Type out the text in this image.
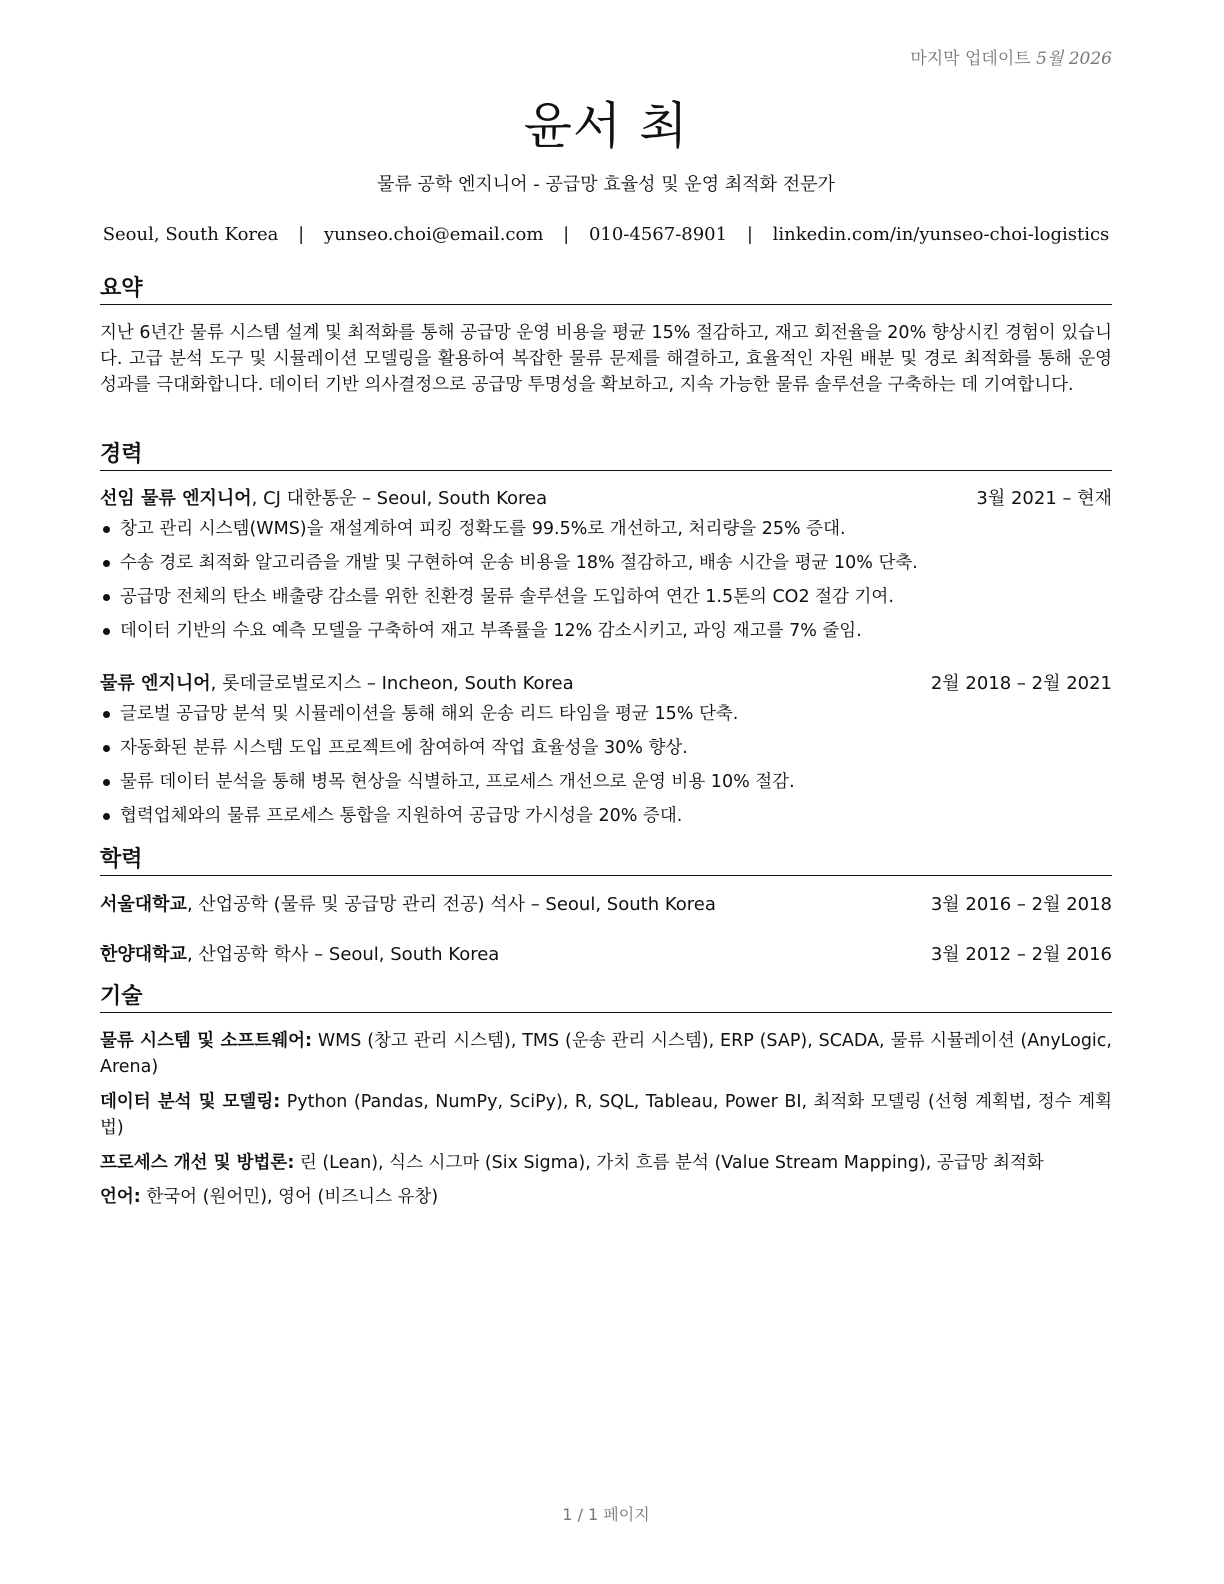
마지막 업데이트 5월 2026
윤서 최
물류 공학 엔지니어 - 공급망 효율성 및 운영 최적화 전문가
Seoul, South Korea | yunseo.choi@email.com | 010-4567-8901 | linkedin.com/in/yunseo-choi-logistics
요약
지난 6년간 물류 시스템 설계 및 최적화를 통해 공급망 운영 비용을 평균 15% 절감하고, 재고 회전율을 20% 향상시킨 경험이 있습니다. 고급 분석 도구 및 시뮬레이션 모델링을 활용하여 복잡한 물류 문제를 해결하고, 효율적인 자원 배분 및 경로 최적화를 통해 운영 성과를 극대화합니다. 데이터 기반 의사결정으로 공급망 투명성을 확보하고, 지속 가능한 물류 솔루션을 구축하는 데 기여합니다.
경력
선임 물류 엔지니어, CJ 대한통운 – Seoul, South Korea	3월 2021 – 현재
창고 관리 시스템(WMS)을 재설계하여 피킹 정확도를 99.5%로 개선하고, 처리량을 25% 증대.
수송 경로 최적화 알고리즘을 개발 및 구현하여 운송 비용을 18% 절감하고, 배송 시간을 평균 10% 단축.
공급망 전체의 탄소 배출량 감소를 위한 친환경 물류 솔루션을 도입하여 연간 1.5톤의 CO2 절감 기여.
데이터 기반의 수요 예측 모델을 구축하여 재고 부족률을 12% 감소시키고, 과잉 재고를 7% 줄임.
물류 엔지니어, 롯데글로벌로지스 – Incheon, South Korea	2월 2018 – 2월 2021
글로벌 공급망 분석 및 시뮬레이션을 통해 해외 운송 리드 타임을 평균 15% 단축.
자동화된 분류 시스템 도입 프로젝트에 참여하여 작업 효율성을 30% 향상.
물류 데이터 분석을 통해 병목 현상을 식별하고, 프로세스 개선으로 운영 비용 10% 절감.
협력업체와의 물류 프로세스 통합을 지원하여 공급망 가시성을 20% 증대.
학력
서울대학교, 산업공학 (물류 및 공급망 관리 전공) 석사 – Seoul, South Korea	3월 2016 – 2월 2018
한양대학교, 산업공학 학사 – Seoul, South Korea	3월 2012 – 2월 2016
기술
물류 시스템 및 소프트웨어: WMS (창고 관리 시스템), TMS (운송 관리 시스템), ERP (SAP), SCADA, 물류 시뮬레이션 (AnyLogic, Arena)
데이터 분석 및 모델링: Python (Pandas, NumPy, SciPy), R, SQL, Tableau, Power BI, 최적화 모델링 (선형 계획법, 정수 계획법)
프로세스 개선 및 방법론: 린 (Lean), 식스 시그마 (Six Sigma), 가치 흐름 분석 (Value Stream Mapping), 공급망 최적화
언어: 한국어 (원어민), 영어 (비즈니스 유창)
1 / 1 페이지
